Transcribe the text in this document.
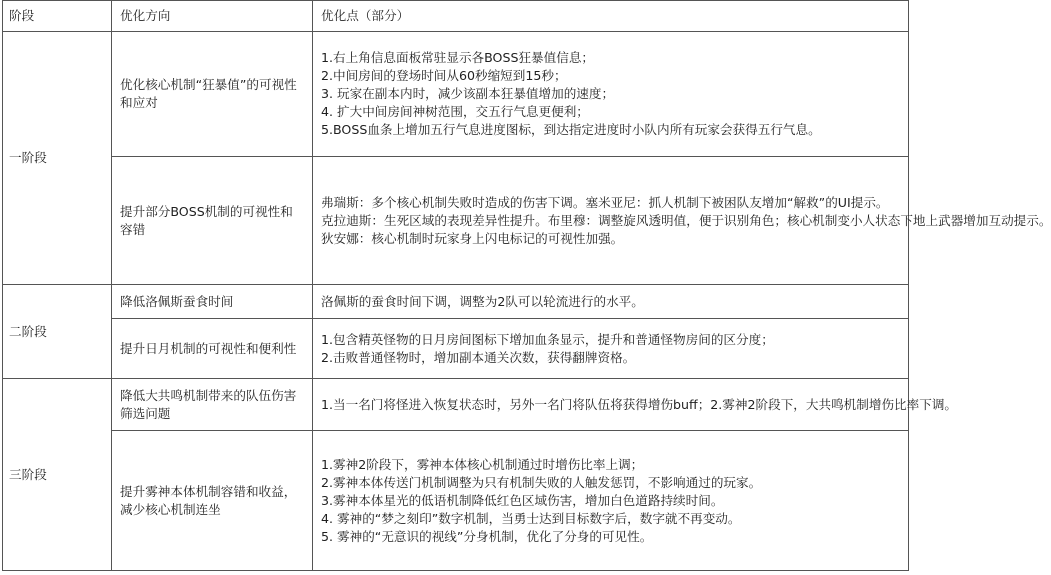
阶段	优化方向	优化点（部分）
一阶段	优化核心机制“狂暴值”的可视性和应对	1.右上角信息面板常驻显示各BOSS狂暴值信息；
2.中间房间的登场时间从60秒缩短到15秒；
3. 玩家在副本内时，减少该副本狂暴值增加的速度；
4. 扩大中间房间神树范围，交五行气息更便利；
5.BOSS血条上增加五行气息进度图标，到达指定进度时小队内所有玩家会获得五行气息。

	提升部分BOSS机制的可视性和容错	弗瑞斯：多个核心机制失败时造成的伤害下调。塞米亚尼：抓人机制下被困队友增加“解救”的UI提示。
克拉迪斯：生死区域的表现差异性提升。布里穆：调整旋风透明值，便于识别角色；核心机制变小人状态下地上武器增加互动提示。
狄安娜：核心机制时玩家身上闪电标记的可视性加强。

二阶段	降低洛佩斯蚕食时间	洛佩斯的蚕食时间下调，调整为2队可以轮流进行的水平。

	提升日月机制的可视性和便利性	1.包含精英怪物的日月房间图标下增加血条显示，提升和普通怪物房间的区分度；
2.击败普通怪物时，增加副本通关次数，获得翻牌资格。

三阶段	降低大共鸣机制带来的队伍伤害筛选问题	1.当一名门将怪进入恢复状态时，另外一名门将队伍将获得增伤buff；2.雾神2阶段下，大共鸣机制增伤比率下调。

	提升雾神本体机制容错和收益，减少核心机制连坐	1.雾神2阶段下，雾神本体核心机制通过时增伤比率上调；
2.雾神本体传送门机制调整为只有机制失败的人触发惩罚，不影响通过的玩家。
3.雾神本体星光的低语机制降低红色区域伤害，增加白色道路持续时间。
4. 雾神的“梦之刻印”数字机制，当勇士达到目标数字后，数字就不再变动。
5. 雾神的“无意识的视线”分身机制，优化了分身的可见性。
